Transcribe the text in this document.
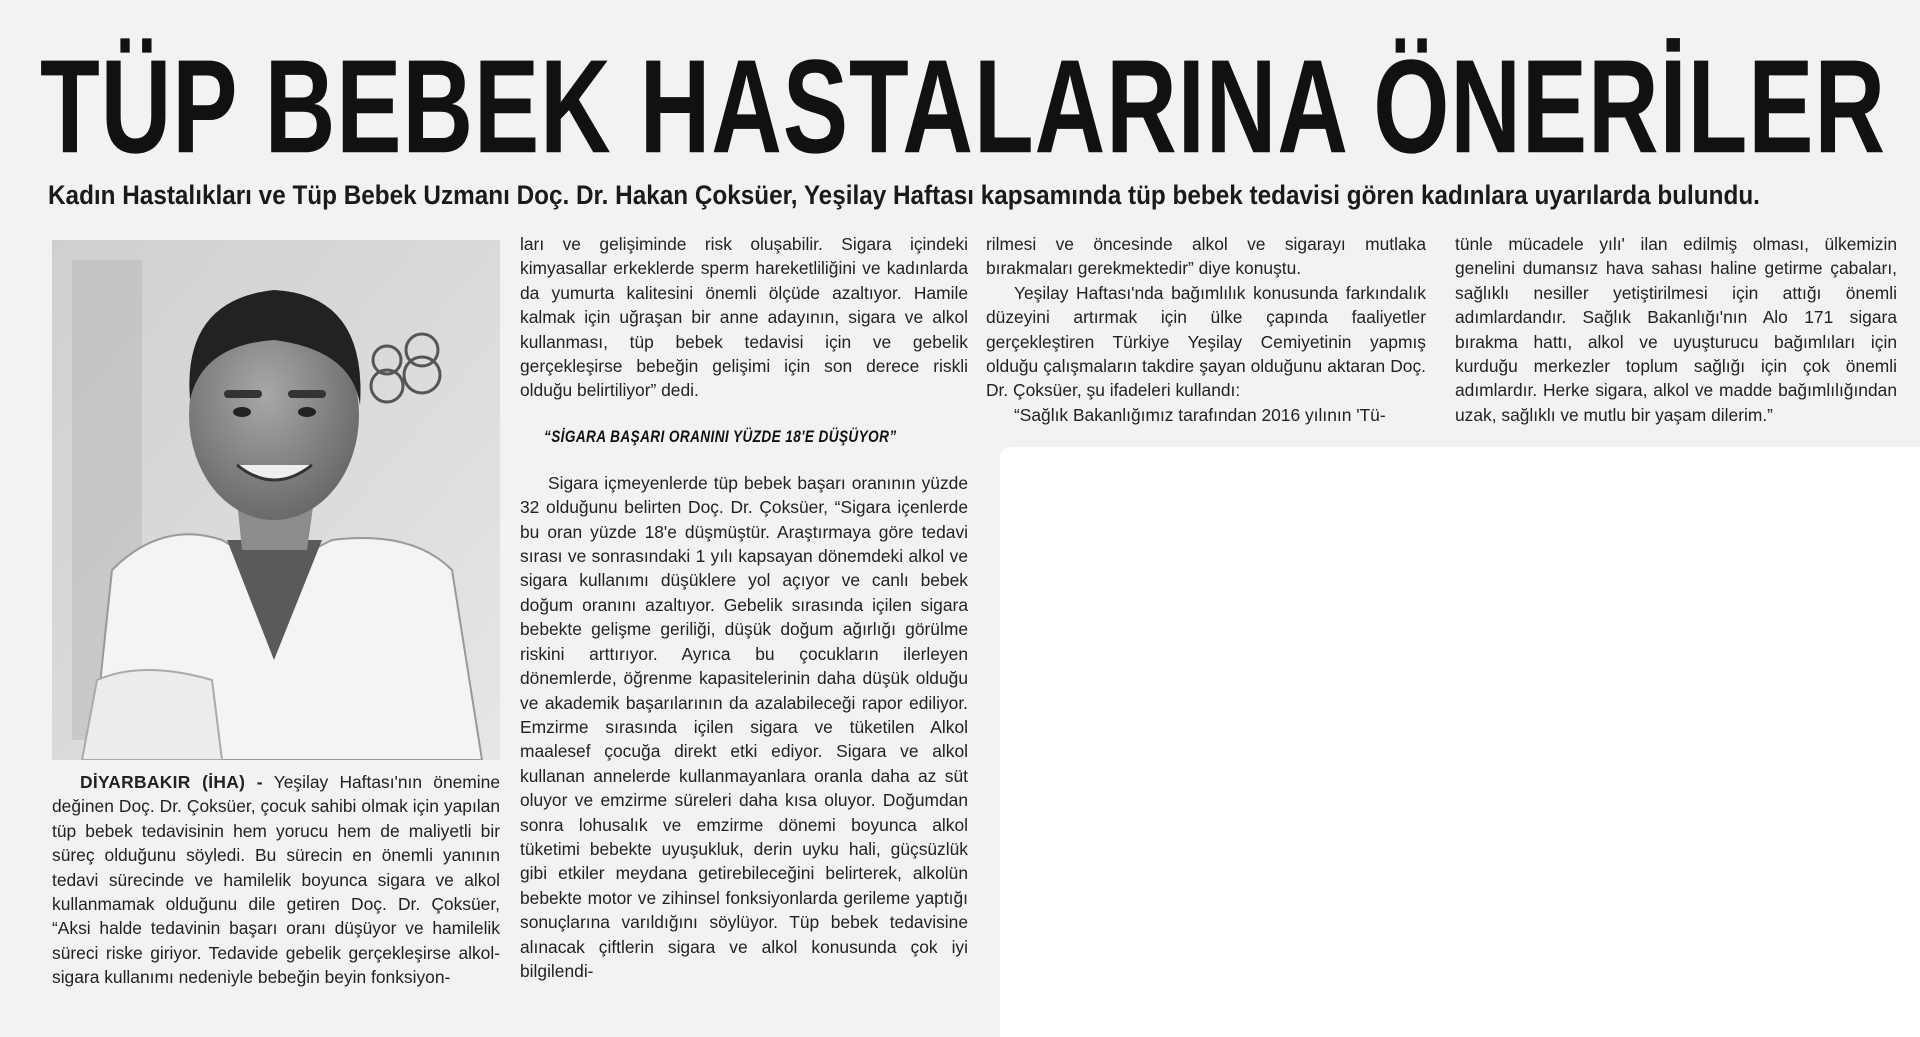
TÜP BEBEK HASTALARINA ÖNERİLER

Kadın Hastalıkları ve Tüp Bebek Uzmanı Doç. Dr. Hakan Çoksüer, Yeşilay Haftası kapsamında tüp bebek tedavisi gören kadınlara uyarılarda bulundu.

DİYARBAKIR (İHA) - Yeşilay Haftası'nın önemine değinen Doç. Dr. Çoksüer, çocuk sahibi olmak için yapılan tüp bebek tedavisinin hem yorucu hem de maliyetli bir süreç olduğunu söyledi. Bu sürecin en önemli yanının tedavi sürecinde ve hamilelik boyunca sigara ve alkol kullanmamak olduğunu dile getiren Doç. Dr. Çoksüer, “Aksi halde tedavinin başarı oranı düşüyor ve hamilelik süreci riske giriyor. Tedavide gebelik gerçekleşirse alkol-sigara kullanımı nedeniyle bebeğin beyin fonksiyon-

ları ve gelişiminde risk oluşabilir. Sigara içindeki kimyasallar erkeklerde sperm hareketliliğini ve kadınlarda da yumurta kalitesini önemli ölçüde azaltıyor. Hamile kalmak için uğraşan bir anne adayının, sigara ve alkol kullanması, tüp bebek tedavisi için ve gebelik gerçekleşirse bebeğin gelişimi için son derece riskli olduğu belirtiliyor” dedi.

“SİGARA BAŞARI ORANINI YÜZDE 18'E DÜŞÜYOR”

Sigara içmeyenlerde tüp bebek başarı oranının yüzde 32 olduğunu belirten Doç. Dr. Çoksüer, “Sigara içenlerde bu oran yüzde 18'e düşmüştür. Araştırmaya göre tedavi sırası ve sonrasındaki 1 yılı kapsayan dönemdeki alkol ve sigara kullanımı düşüklere yol açıyor ve canlı bebek doğum oranını azaltıyor. Gebelik sırasında içilen sigara bebekte gelişme geriliği, düşük doğum ağırlığı görülme riskini arttırıyor. Ayrıca bu çocukların ilerleyen dönemlerde, öğrenme kapasitelerinin daha düşük olduğu ve akademik başarılarının da azalabileceği rapor ediliyor. Emzirme sırasında içilen sigara ve tüketilen Alkol maalesef çocuğa direkt etki ediyor. Sigara ve alkol kullanan annelerde kullanmayanlara oranla daha az süt oluyor ve emzirme süreleri daha kısa oluyor. Doğumdan sonra lohusalık ve emzirme dönemi boyunca alkol tüketimi bebekte uyuşukluk, derin uyku hali, güçsüzlük gibi etkiler meydana getirebileceğini belirterek, alkolün bebekte motor ve zihinsel fonksiyonlarda gerileme yaptığı sonuçlarına varıldığını söylüyor. Tüp bebek tedavisine alınacak çiftlerin sigara ve alkol konusunda çok iyi bilgilendi-

rilmesi ve öncesinde alkol ve sigarayı mutlaka bırakmaları gerekmektedir” diye konuştu.

Yeşilay Haftası'nda bağımlılık konusunda farkındalık düzeyini artırmak için ülke çapında faaliyetler gerçekleştiren Türkiye Yeşilay Cemiyetinin yapmış olduğu çalışmaların takdire şayan olduğunu aktaran Doç. Dr. Çoksüer, şu ifadeleri kullandı:

“Sağlık Bakanlığımız tarafından 2016 yılının 'Tü-

tünle mücadele yılı' ilan edilmiş olması, ülkemizin genelini dumansız hava sahası haline getirme çabaları, sağlıklı nesiller yetiştirilmesi için attığı önemli adımlardandır. Sağlık Bakanlığı'nın Alo 171 sigara bırakma hattı, alkol ve uyuşturucu bağımlıları için kurduğu merkezler toplum sağlığı için çok önemli adımlardır. Herke sigara, alkol ve madde bağımlılığından uzak, sağlıklı ve mutlu bir yaşam dilerim.”
